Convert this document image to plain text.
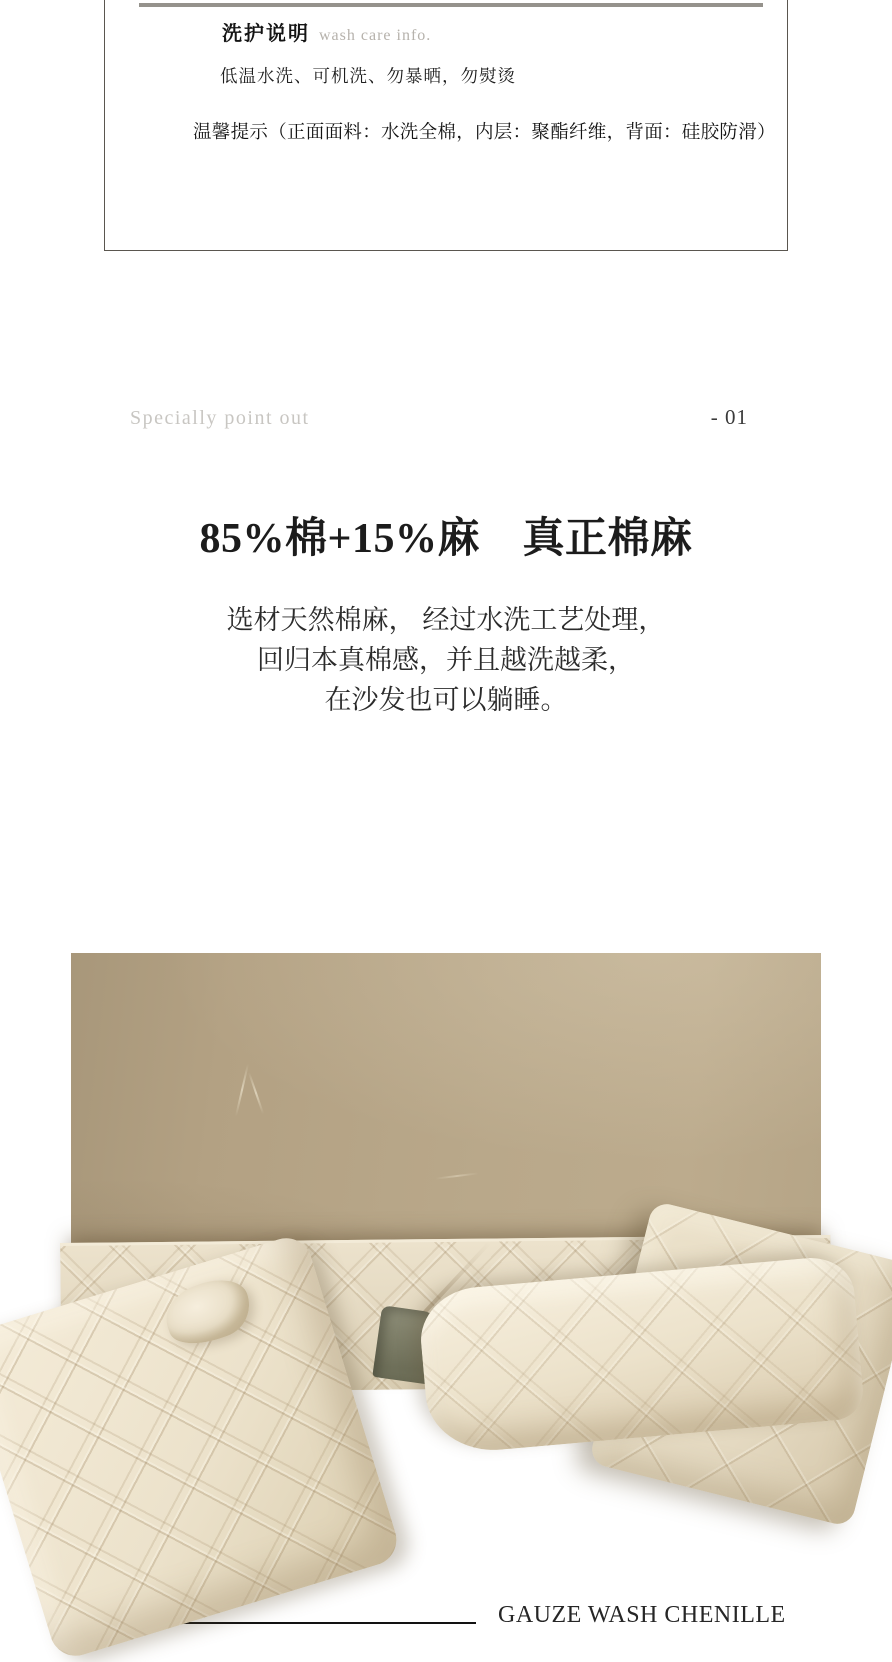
洗护说明 wash care info.
低温水洗、可机洗、勿暴晒，勿熨烫
温馨提示（正面面料：水洗全棉，内层：聚酯纤维，背面：硅胶防滑）
Specially point out	- 01
85%棉+15%麻　真正棉麻
选材天然棉麻， 经过水洗工艺处理，
回归本真棉感，并且越洗越柔，
在沙发也可以躺睡。
GAUZE WASH CHENILLE
